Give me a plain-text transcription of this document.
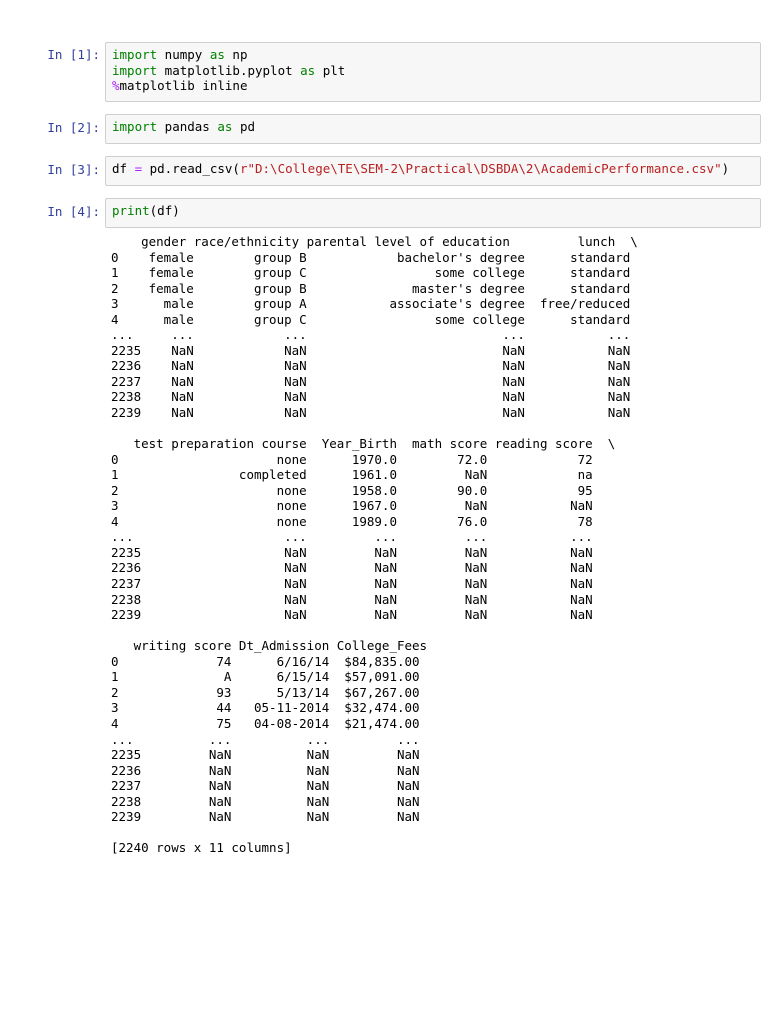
In [1]: import numpy as np
import matplotlib.pyplot as plt
%matplotlib inline
In [2]: import pandas as pd
In [3]: df = pd.read_csv(r"D:\College\TE\SEM-2\Practical\DSBDA\2\AcademicPerformance.csv")
In [4]: print(df)
gender race/ethnicity parental level of education         lunch  \
0    female        group B            bachelor's degree      standard
1    female        group C                 some college      standard
2    female        group B              master's degree      standard
3      male        group A           associate's degree  free/reduced
4      male        group C                 some college      standard
...     ...            ...                          ...           ...
2235    NaN            NaN                          NaN           NaN
2236    NaN            NaN                          NaN           NaN
2237    NaN            NaN                          NaN           NaN
2238    NaN            NaN                          NaN           NaN
2239    NaN            NaN                          NaN           NaN

test preparation course  Year_Birth  math score reading score  \
0                     none      1970.0        72.0            72
1                completed      1961.0         NaN            na
2                     none      1958.0        90.0            95
3                     none      1967.0         NaN           NaN
4                     none      1989.0        76.0            78
...                    ...         ...         ...           ...
2235                   NaN         NaN         NaN           NaN
2236                   NaN         NaN         NaN           NaN
2237                   NaN         NaN         NaN           NaN
2238                   NaN         NaN         NaN           NaN
2239                   NaN         NaN         NaN           NaN

writing score Dt_Admission College_Fees
0             74      6/16/14  $84,835.00
1              A      6/15/14  $57,091.00
2             93      5/13/14  $67,267.00
3             44   05-11-2014  $32,474.00
4             75   04-08-2014  $21,474.00
...          ...          ...         ...
2235         NaN          NaN         NaN
2236         NaN          NaN         NaN
2237         NaN          NaN         NaN
2238         NaN          NaN         NaN
2239         NaN          NaN         NaN

[2240 rows x 11 columns]
